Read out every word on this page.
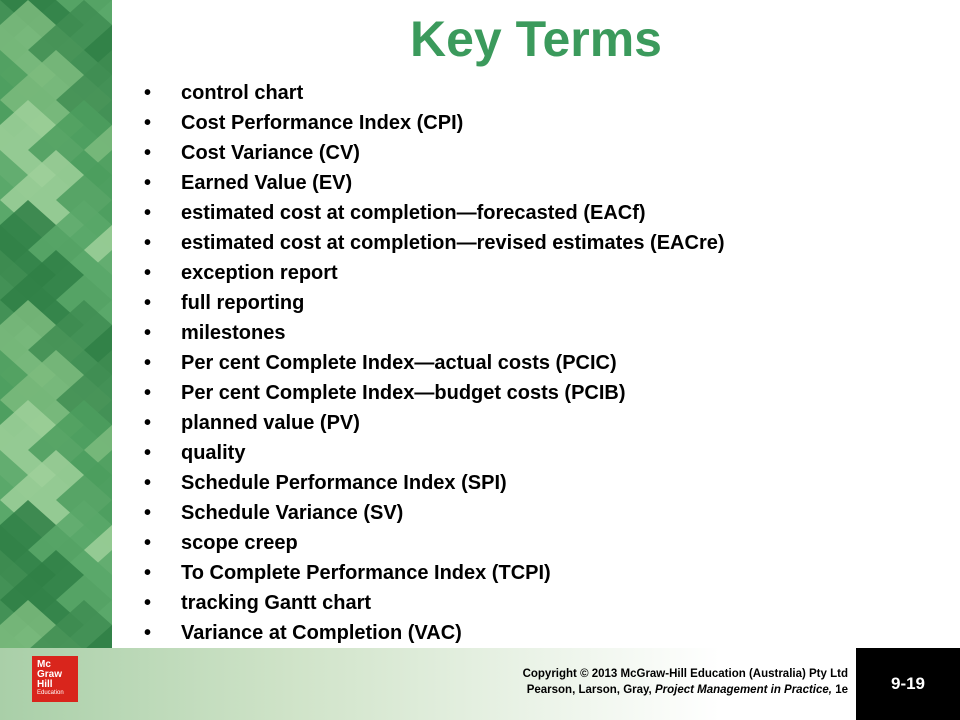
Key Terms
• control chart
• Cost Performance Index (CPI)
• Cost Variance (CV)
• Earned Value (EV)
• estimated cost at completion—forecasted (EACf)
• estimated cost at completion—revised estimates (EACre)
• exception report
• full reporting
• milestones
• Per cent Complete Index—actual costs (PCIC)
• Per cent Complete Index—budget costs (PCIB)
• planned value (PV)
• quality
• Schedule Performance Index (SPI)
• Schedule Variance (SV)
• scope creep
• To Complete Performance Index (TCPI)
• tracking Gantt chart
• Variance at Completion (VAC)
Mc
Graw
Hill
Education
Copyright © 2013 McGraw-Hill Education (Australia) Pty Ltd
Pearson, Larson, Gray, Project Management in Practice, 1e	9-19
